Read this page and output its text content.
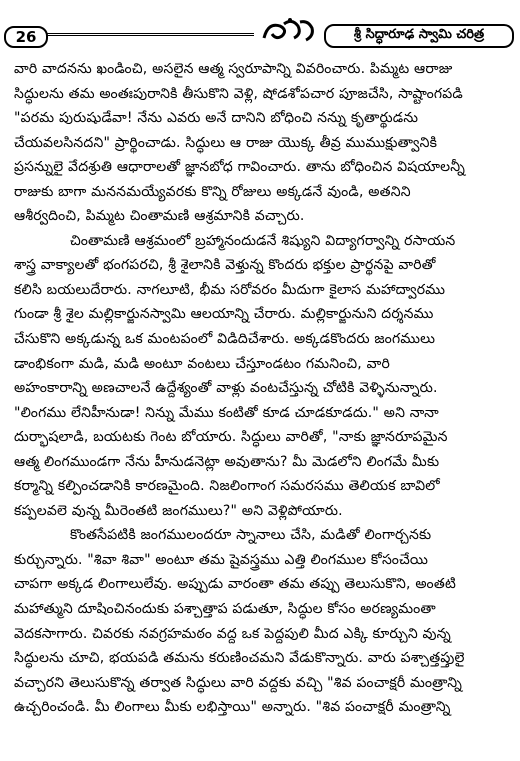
26	శ్రీ సిద్ధారూఢ స్వామి చరిత్ర
వారి వాదనను ఖండించి, అసలైన ఆత్మ స్వరూపాన్ని వివరించారు. పిమ్మట ఆరాజు
సిద్ధులను తమ అంతఃపురానికి తీసుకొని వెళ్లి, షోడశోపచార పూజచేసి, సాష్టాంగపడి
"పరమ పురుషుడేవా! నేను ఎవరు అనే దానిని బోధించి నన్ను కృతార్థుడను
చేయవలసినదని" ప్రార్థించాడు. సిద్ధులు ఆ రాజు యొక్క తీవ్ర ముముక్షుత్వానికి
ప్రసన్నులై వేదశ్రుతి ఆధారాలతో జ్ఞానబోధ గావించారు. తాను బోధించిన విషయాలన్నీ
రాజుకు బాగా మననమయ్యేవరకు కొన్ని రోజులు అక్కడనే వుండి, అతనిని
ఆశీర్వదించి, పిమ్మట చింతామణి ఆశ్రమానికి వచ్చారు.
చింతామణి ఆశ్రమంలో బ్రహ్మానందుడనే శిష్యుని విద్యాగర్వాన్ని రసాయన
శాస్త్ర వాక్యాలతో భంగపరచి, శ్రీ శైలానికి వెళ్తున్న కొందరు భక్తుల ప్రార్థనపై వారితో
కలిసి బయలుదేరారు. నాగలూటి, భీమ సరోవరం మీదుగా కైలాస మహాద్వారము
గుండా శ్రీ శైల మల్లికార్జునస్వామి ఆలయాన్ని చేరారు. మల్లికార్జునుని దర్శనము
చేసుకొని అక్కడున్న ఒక మంటపంలో విడిదిచేశారు. అక్కడకొందరు జంగములు
డాంభికంగా మడి, మడి అంటూ వంటలు చేస్తూండటం గమనించి, వారి
అహంకారాన్ని అణచాలనే ఉద్దేశ్యంతో వాళ్లు వంటచేస్తున్న చోటికి వెళ్ళినున్నారు.
"లింగము లేనిహీనుడా! నిన్ను మేము కంటితో కూడ చూడకూడదు." అని నానా
దుర్భాషలాడి, బయటకు గెంట బోయారు. సిద్ధులు వారితో, "నాకు జ్ఞానరూపమైన
ఆత్మ లింగముండగా నేను హీనుడనెట్లా అవుతాను? మీ మెడలోని లింగమే మీకు
కర్మాన్ని కల్పించడానికి కారణమైంది. నిజలింగాంగ సమరసము తెలియక బావిలో
కప్పలవలె వున్న మీరెంతటి జంగములు?" అని వెళ్లిపోయారు.
కొంతసేపటికి జంగములందరూ స్నానాలు చేసి, మడితో లింగార్చనకు
కుర్చున్నారు. "శివా శివా" అంటూ తమ షైవస్త్రము ఎత్తి లింగముల కోసంచేయి
చాపగా అక్కడ లింగాలులేవు. అప్పుడు వారంతా తమ తప్పు తెలుసుకొని, అంతటి
మహాత్ముని దూషించినందుకు పశ్చాత్తాప పడుతూ, సిద్ధుల కోసం అరణ్యమంతా
వెదకసాగారు. చివరకు నవగ్రహమఠం వద్ద ఒక పెద్దపులి మీద ఎక్కి కూర్చుని వున్న
సిద్ధులను చూచి, భయపడి తమను కరుణించమని వేడుకొన్నారు. వారు పశ్చాత్తప్తులై
వచ్చారని తెలుసుకొన్న తర్వాత సిద్ధులు వారి వద్దకు వచ్చి "శివ పంచాక్షరీ మంత్రాన్ని
ఉచ్చరించండి. మీ లింగాలు మీకు లభిస్తాయి" అన్నారు. "శివ పంచాక్షరీ మంత్రాన్ని
